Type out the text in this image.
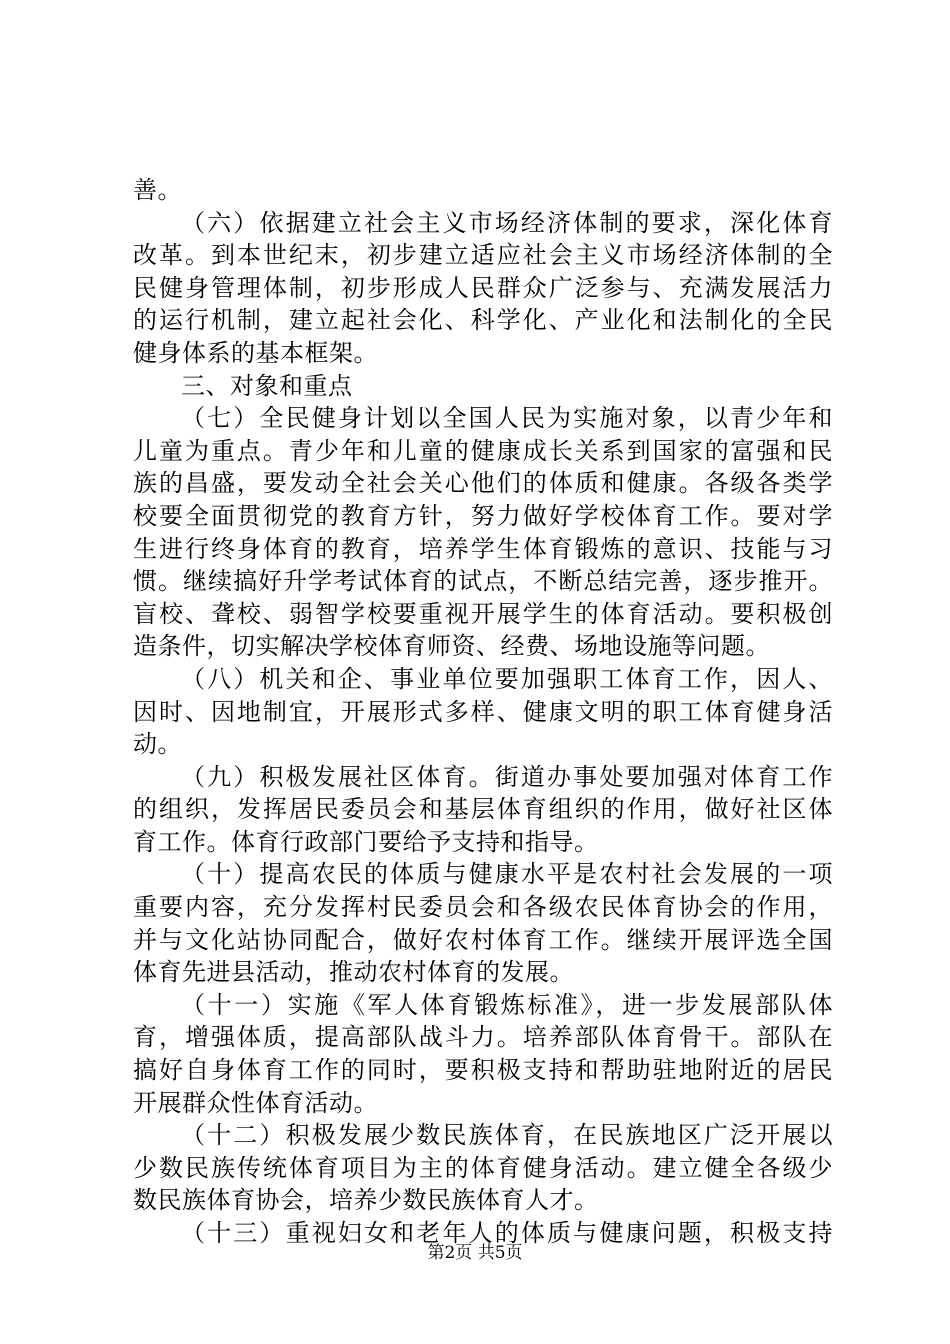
善。
（六）依据建立社会主义市场经济体制的要求，深化体育
改革。到本世纪末，初步建立适应社会主义市场经济体制的全
民健身管理体制，初步形成人民群众广泛参与、充满发展活力
的运行机制，建立起社会化、科学化、产业化和法制化的全民
健身体系的基本框架。
三、对象和重点
（七）全民健身计划以全国人民为实施对象，以青少年和
儿童为重点。青少年和儿童的健康成长关系到国家的富强和民
族的昌盛，要发动全社会关心他们的体质和健康。各级各类学
校要全面贯彻党的教育方针，努力做好学校体育工作。要对学
生进行终身体育的教育，培养学生体育锻炼的意识、技能与习
惯。继续搞好升学考试体育的试点，不断总结完善，逐步推开。
盲校、聋校、弱智学校要重视开展学生的体育活动。要积极创
造条件，切实解决学校体育师资、经费、场地设施等问题。
（八）机关和企、事业单位要加强职工体育工作，因人、
因时、因地制宜，开展形式多样、健康文明的职工体育健身活
动。
（九）积极发展社区体育。街道办事处要加强对体育工作
的组织，发挥居民委员会和基层体育组织的作用，做好社区体
育工作。体育行政部门要给予支持和指导。
（十）提高农民的体质与健康水平是农村社会发展的一项
重要内容，充分发挥村民委员会和各级农民体育协会的作用，
并与文化站协同配合，做好农村体育工作。继续开展评选全国
体育先进县活动，推动农村体育的发展。
（十一）实施《军人体育锻炼标准》，进一步发展部队体
育，增强体质，提高部队战斗力。培养部队体育骨干。部队在
搞好自身体育工作的同时，要积极支持和帮助驻地附近的居民
开展群众性体育活动。
（十二）积极发展少数民族体育，在民族地区广泛开展以
少数民族传统体育项目为主的体育健身活动。建立健全各级少
数民族体育协会，培养少数民族体育人才。
（十三）重视妇女和老年人的体质与健康问题，积极支持
第2页 共5页
